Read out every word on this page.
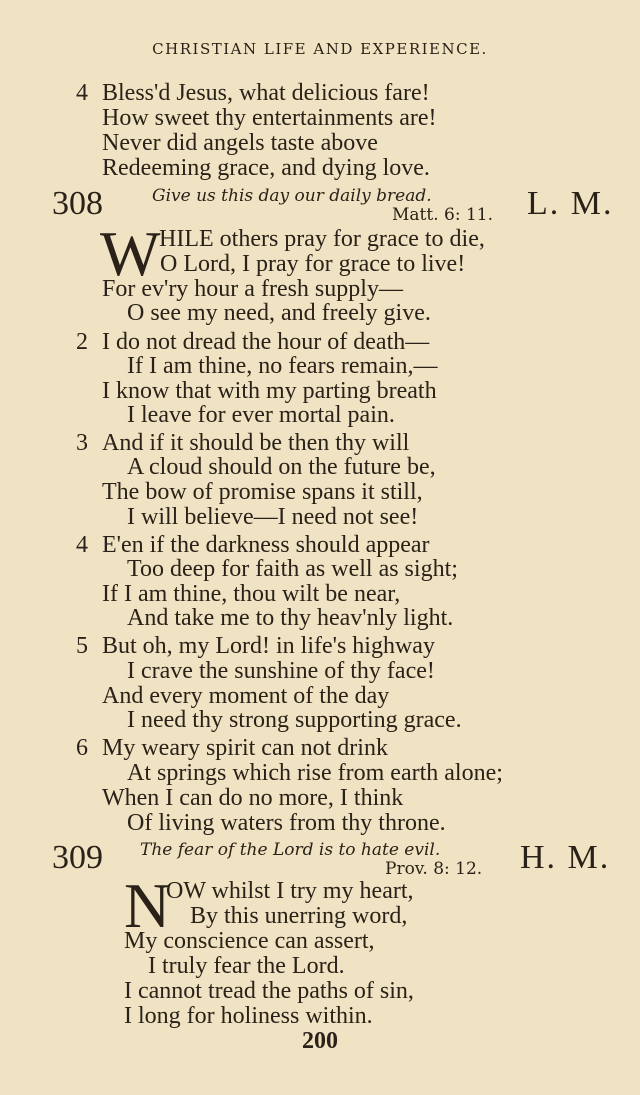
CHRISTIAN LIFE AND EXPERIENCE.
4 Bless'd Jesus, what delicious fare!
How sweet thy entertainments are!
Never did angels taste above
Redeeming grace, and dying love.
308	Give us this day our daily bread.
Matt. 6: 11. L. M.
W
HILE others pray for grace to die,
O Lord, I pray for grace to live!
For ev'ry hour a fresh supply—
O see my need, and freely give.
2 I do not dread the hour of death—
If I am thine, no fears remain,—
I know that with my parting breath
I leave for ever mortal pain.
3 And if it should be then thy will
A cloud should on the future be,
The bow of promise spans it still,
I will believe—I need not see!
4 E'en if the darkness should appear
Too deep for faith as well as sight;
If I am thine, thou wilt be near,
And take me to thy heav'nly light.
5 But oh, my Lord! in life's highway
I crave the sunshine of thy face!
And every moment of the day
I need thy strong supporting grace.
6 My weary spirit can not drink
At springs which rise from earth alone;
When I can do no more, I think
Of living waters from thy throne.
309 The fear of the Lord is to hate evil.
Prov. 8: 12. H. M.
N
OW whilst I try my heart,
By this unerring word,
My conscience can assert,
I truly fear the Lord.
I cannot tread the paths of sin,
I long for holiness within.
200
